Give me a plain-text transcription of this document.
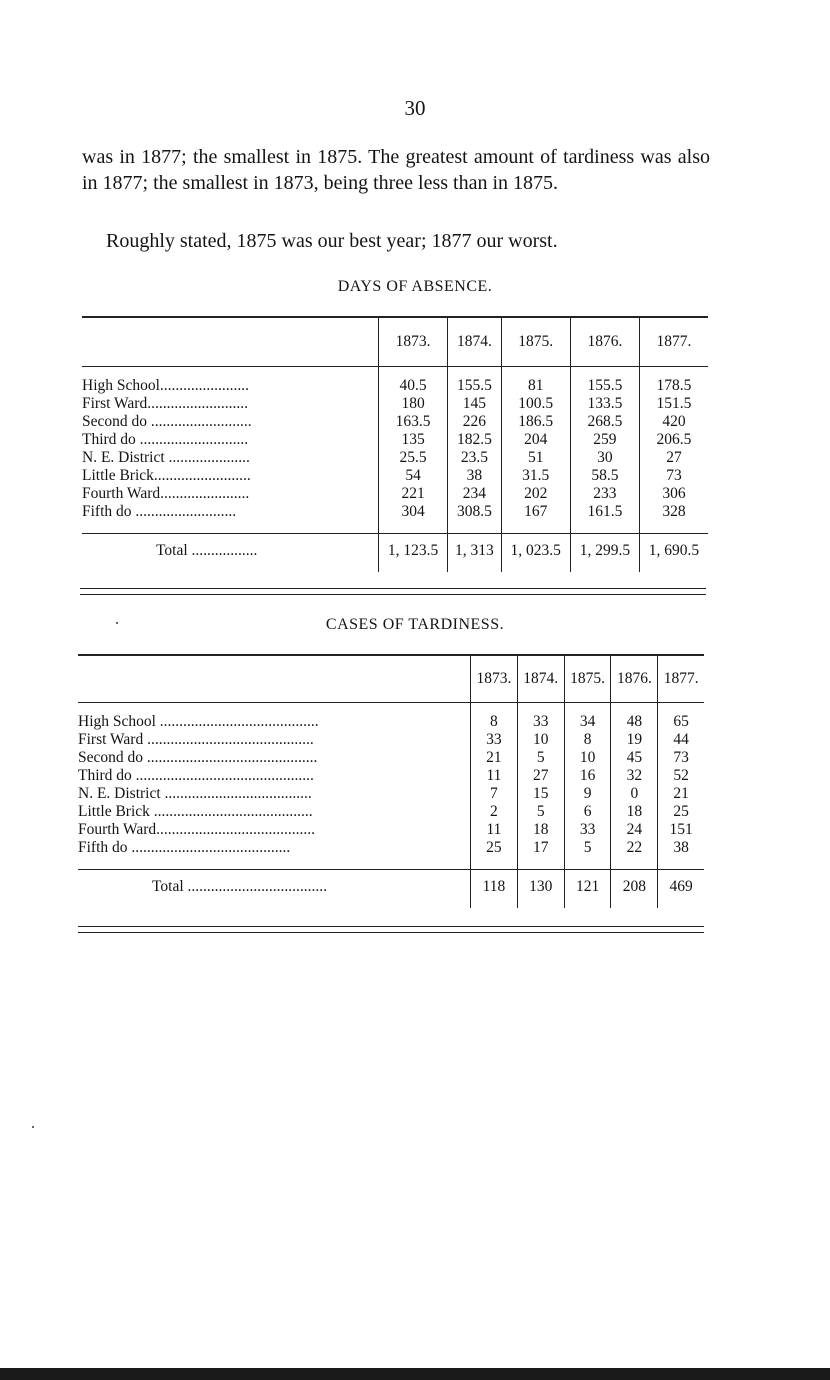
30

was in 1877; the smallest in 1875. The greatest amount of tardiness was also in 1877; the smallest in 1873, being three less than in 1875.

Roughly stated, 1875 was our best year; 1877 our worst.

DAYS OF ABSENCE.

	1873.	1874.	1875.	1876.	1877.

High School.......................	40.5	155.5	81	155.5	178.5
First Ward..........................	180	145	100.5	133.5	151.5
Second do ..........................	163.5	226	186.5	268.5	420
Third do ............................	135	182.5	204	259	206.5
N. E. District .....................	25.5	23.5	51	30	27
Little Brick.........................	54	38	31.5	58.5	73
Fourth Ward.......................	221	234	202	233	306
Fifth do ..........................	304	308.5	167	161.5	328

Total .................	1, 123.5	1, 313	1, 023.5	1, 299.5	1, 690.5
CASES OF TARDINESS.

	1873.	1874.	1875.	1876.	1877.

High School .........................................	8	33	34	48	65
First Ward ...........................................	33	10	8	19	44
Second do ............................................	21	5	10	45	73
Third do ..............................................	11	27	16	32	52
N. E. District ......................................	7	15	9	0	21
Little Brick .........................................	2	5	6	18	25
Fourth Ward.........................................	11	18	33	24	151
Fifth do .........................................	25	17	5	22	38

Total ....................................	118	130	121	208	469
